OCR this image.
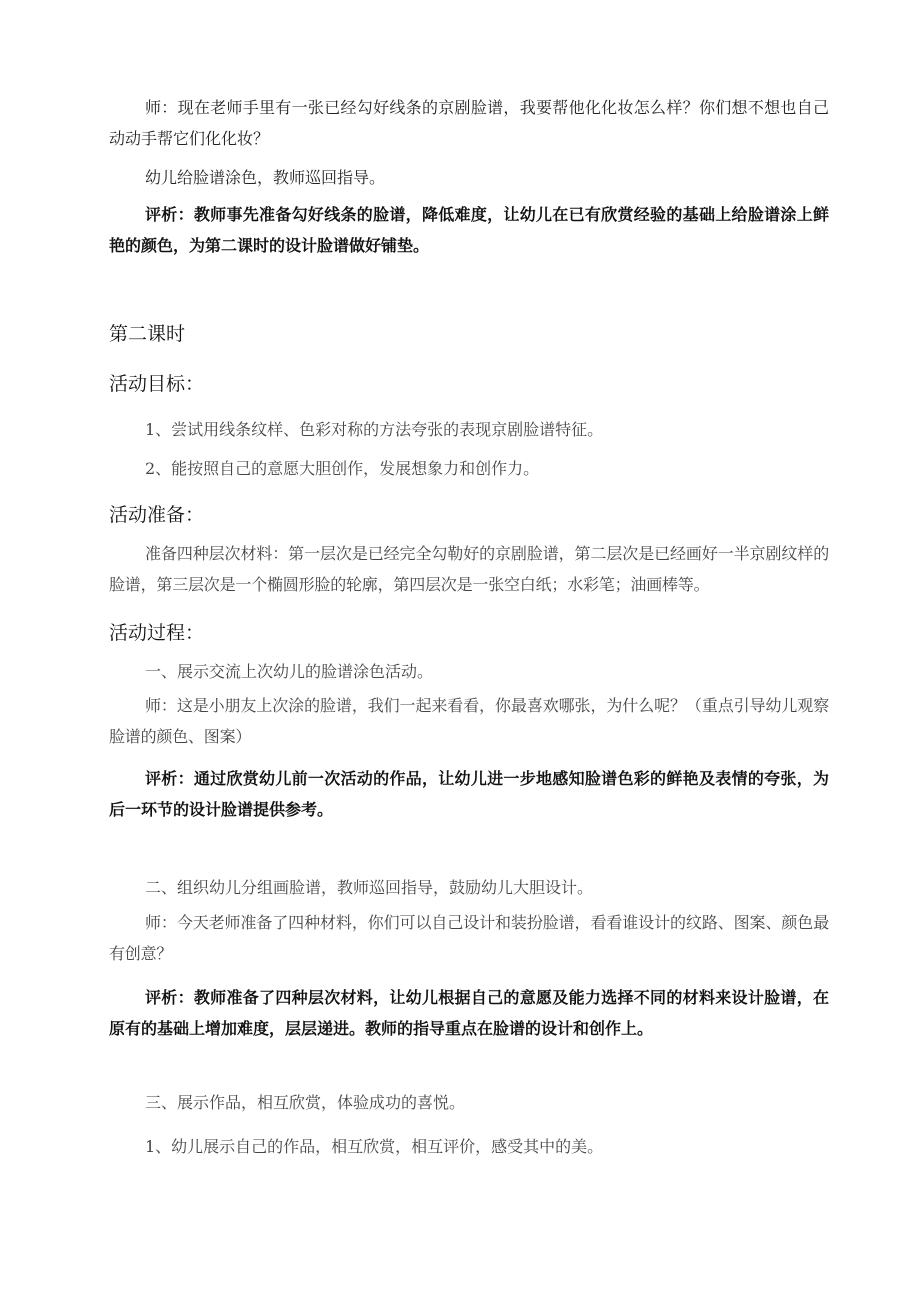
师：现在老师手里有一张已经勾好线条的京剧脸谱，我要帮他化化妆怎么样？你们想不想也自己动动手帮它们化化妆？

幼儿给脸谱涂色，教师巡回指导。

评析：教师事先准备勾好线条的脸谱，降低难度，让幼儿在已有欣赏经验的基础上给脸谱涂上鲜艳的颜色，为第二课时的设计脸谱做好铺垫。

第二课时

活动目标：

1、尝试用线条纹样、色彩对称的方法夸张的表现京剧脸谱特征。

2、能按照自己的意愿大胆创作，发展想象力和创作力。

活动准备：

准备四种层次材料：第一层次是已经完全勾勒好的京剧脸谱，第二层次是已经画好一半京剧纹样的脸谱，第三层次是一个椭圆形脸的轮廓，第四层次是一张空白纸；水彩笔；油画棒等。

活动过程：

一、展示交流上次幼儿的脸谱涂色活动。

师：这是小朋友上次涂的脸谱，我们一起来看看，你最喜欢哪张，为什么呢？（重点引导幼儿观察脸谱的颜色、图案）

评析：通过欣赏幼儿前一次活动的作品，让幼儿进一步地感知脸谱色彩的鲜艳及表情的夸张，为后一环节的设计脸谱提供参考。

二、组织幼儿分组画脸谱，教师巡回指导，鼓励幼儿大胆设计。

师：今天老师准备了四种材料，你们可以自己设计和装扮脸谱，看看谁设计的纹路、图案、颜色最有创意？

评析：教师准备了四种层次材料，让幼儿根据自己的意愿及能力选择不同的材料来设计脸谱，在原有的基础上增加难度，层层递进。教师的指导重点在脸谱的设计和创作上。

三、展示作品，相互欣赏，体验成功的喜悦。

1、幼儿展示自己的作品，相互欣赏，相互评价，感受其中的美。
